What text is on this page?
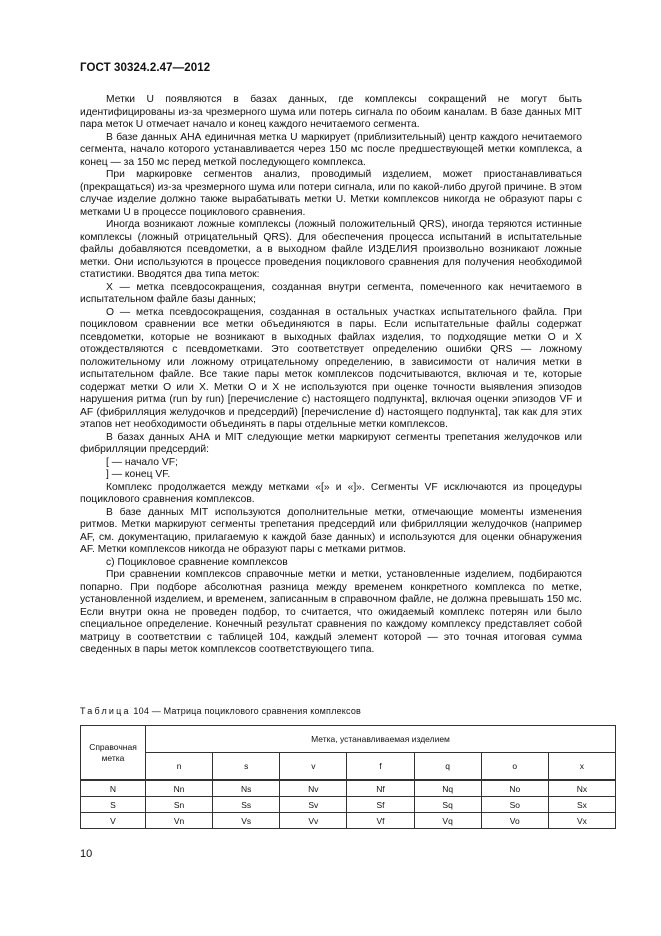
ГОСТ 30324.2.47—2012

Метки U появляются в базах данных, где комплексы сокращений не могут быть идентифицированы из-за чрезмерного шума или потерь сигнала по обоим каналам. В базе данных MIT пара меток U отмечает начало и конец каждого нечитаемого сегмента.

В базе данных АНА единичная метка U маркирует (приблизительный) центр каждого нечитаемого сегмента, начало которого устанавливается через 150 мс после предшествующей метки комплекса, а конец — за 150 мс перед меткой последующего комплекса.

При маркировке сегментов анализ, проводимый изделием, может приостанавливаться (прекращаться) из-за чрезмерного шума или потери сигнала, или по какой-либо другой причине. В этом случае изделие должно также вырабатывать метки U. Метки комплексов никогда не образуют пары с метками U в процессе поциклового сравнения.

Иногда возникают ложные комплексы (ложный положительный QRS), иногда теряются истинные комплексы (ложный отрицательный QRS). Для обеспечения процесса испытаний в испытательные файлы добавляются псевдометки, а в выходном файле ИЗДЕЛИЯ произвольно возникают ложные метки. Они используются в процессе проведения поциклового сравнения для получения необходимой статистики. Вводятся два типа меток:

X — метка псевдосокращения, созданная внутри сегмента, помеченного как нечитаемого в испытательном файле базы данных;

O — метка псевдосокращения, созданная в остальных участках испытательного файла. При поцикловом сравнении все метки объединяются в пары. Если испытательные файлы содержат псевдометки, которые не возникают в выходных файлах изделия, то подходящие метки O и X отождествляются с псевдометками. Это соответствует определению ошибки QRS — ложному положительному или ложному отрицательному определению, в зависимости от наличия метки в испытательном файле. Все такие пары меток комплексов подсчитываются, включая и те, которые содержат метки O или X. Метки O и X не используются при оценке точности выявления эпизодов нарушения ритма (run by run) [перечисление с) настоящего подпункта], включая оценки эпизодов VF и AF (фибрилляция желудочков и предсердий) [перечисление d) настоящего подпункта], так как для этих этапов нет необходимости объединять в пары отдельные метки комплексов.

В базах данных АНА и MIT следующие метки маркируют сегменты трепетания желудочков или фибрилляции предсердий:

[ — начало VF;

] — конец VF.

Комплекс продолжается между метками «[» и «]». Сегменты VF исключаются из процедуры поциклового сравнения комплексов.

В базе данных MIT используются дополнительные метки, отмечающие моменты изменения ритмов. Метки маркируют сегменты трепетания предсердий или фибрилляции желудочков (например AF, см. документацию, прилагаемую к каждой базе данных) и используются для оценки обнаружения AF. Метки комплексов никогда не образуют пары с метками ритмов.

c) Поцикловое сравнение комплексов

При сравнении комплексов справочные метки и метки, установленные изделием, подбираются попарно. При подборе абсолютная разница между временем конкретного комплекса по метке, установленной изделием, и временем, записанным в справочном файле, не должна превышать 150 мс. Если внутри окна не проведен подбор, то считается, что ожидаемый комплекс потерян или было специальное определение. Конечный результат сравнения по каждому комплексу представляет собой матрицу в соответствии с таблицей 104, каждый элемент которой — это точная итоговая сумма сведенных в пары меток комплексов соответствующего типа.

Таблица 104 — Матрица поциклового сравнения комплексов
Справочная метка	Метка, устанавливаемая изделием						
	n	s	v	f	q	o	x
N	Nn	Ns	Nv	Nf	Nq	No	Nx
S	Sn	Ss	Sv	Sf	Sq	So	Sx
V	Vn	Vs	Vv	Vf	Vq	Vo	Vx
10
